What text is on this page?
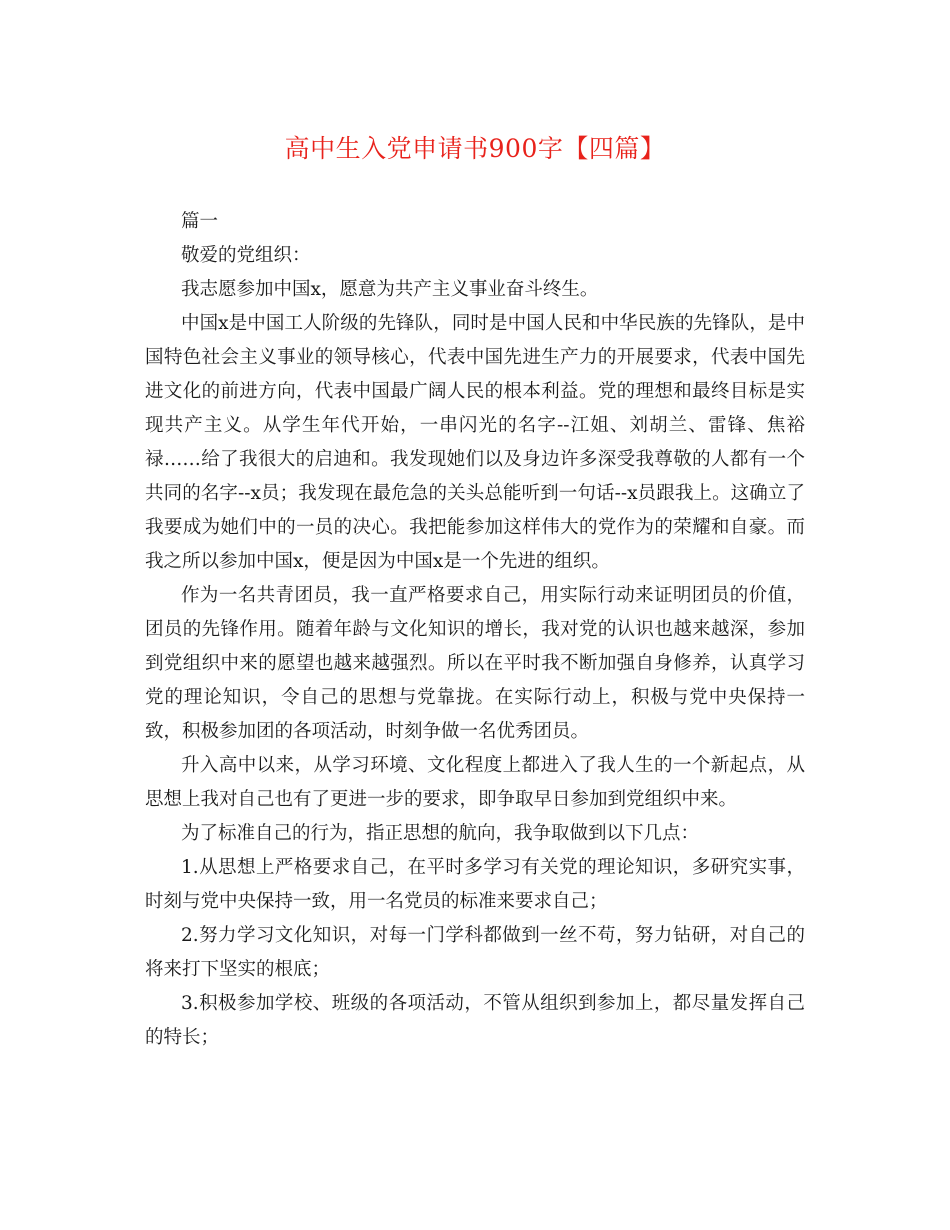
高中生入党申请书900字【四篇】

篇一

敬爱的党组织：

我志愿参加中国x，愿意为共产主义事业奋斗终生。

中国x是中国工人阶级的先锋队，同时是中国人民和中华民族的先锋队，是中国特色社会主义事业的领导核心，代表中国先进生产力的开展要求，代表中国先进文化的前进方向，代表中国最广阔人民的根本利益。党的理想和最终目标是实现共产主义。从学生年代开始，一串闪光的名字--江姐、刘胡兰、雷锋、焦裕禄……给了我很大的启迪和。我发现她们以及身边许多深受我尊敬的人都有一个共同的名字--x员；我发现在最危急的关头总能听到一句话--x员跟我上。这确立了我要成为她们中的一员的决心。我把能参加这样伟大的党作为的荣耀和自豪。而我之所以参加中国x，便是因为中国x是一个先进的组织。

作为一名共青团员，我一直严格要求自己，用实际行动来证明团员的价值，团员的先锋作用。随着年龄与文化知识的增长，我对党的认识也越来越深，参加到党组织中来的愿望也越来越强烈。所以在平时我不断加强自身修养，认真学习党的理论知识，令自己的思想与党靠拢。在实际行动上，积极与党中央保持一致，积极参加团的各项活动，时刻争做一名优秀团员。

升入高中以来，从学习环境、文化程度上都进入了我人生的一个新起点，从思想上我对自己也有了更进一步的要求，即争取早日参加到党组织中来。

为了标准自己的行为，指正思想的航向，我争取做到以下几点：

1.从思想上严格要求自己，在平时多学习有关党的理论知识，多研究实事，时刻与党中央保持一致，用一名党员的标准来要求自己；

2.努力学习文化知识，对每一门学科都做到一丝不苟，努力钻研，对自己的将来打下坚实的根底；

3.积极参加学校、班级的各项活动，不管从组织到参加上，都尽量发挥自己的特长；
